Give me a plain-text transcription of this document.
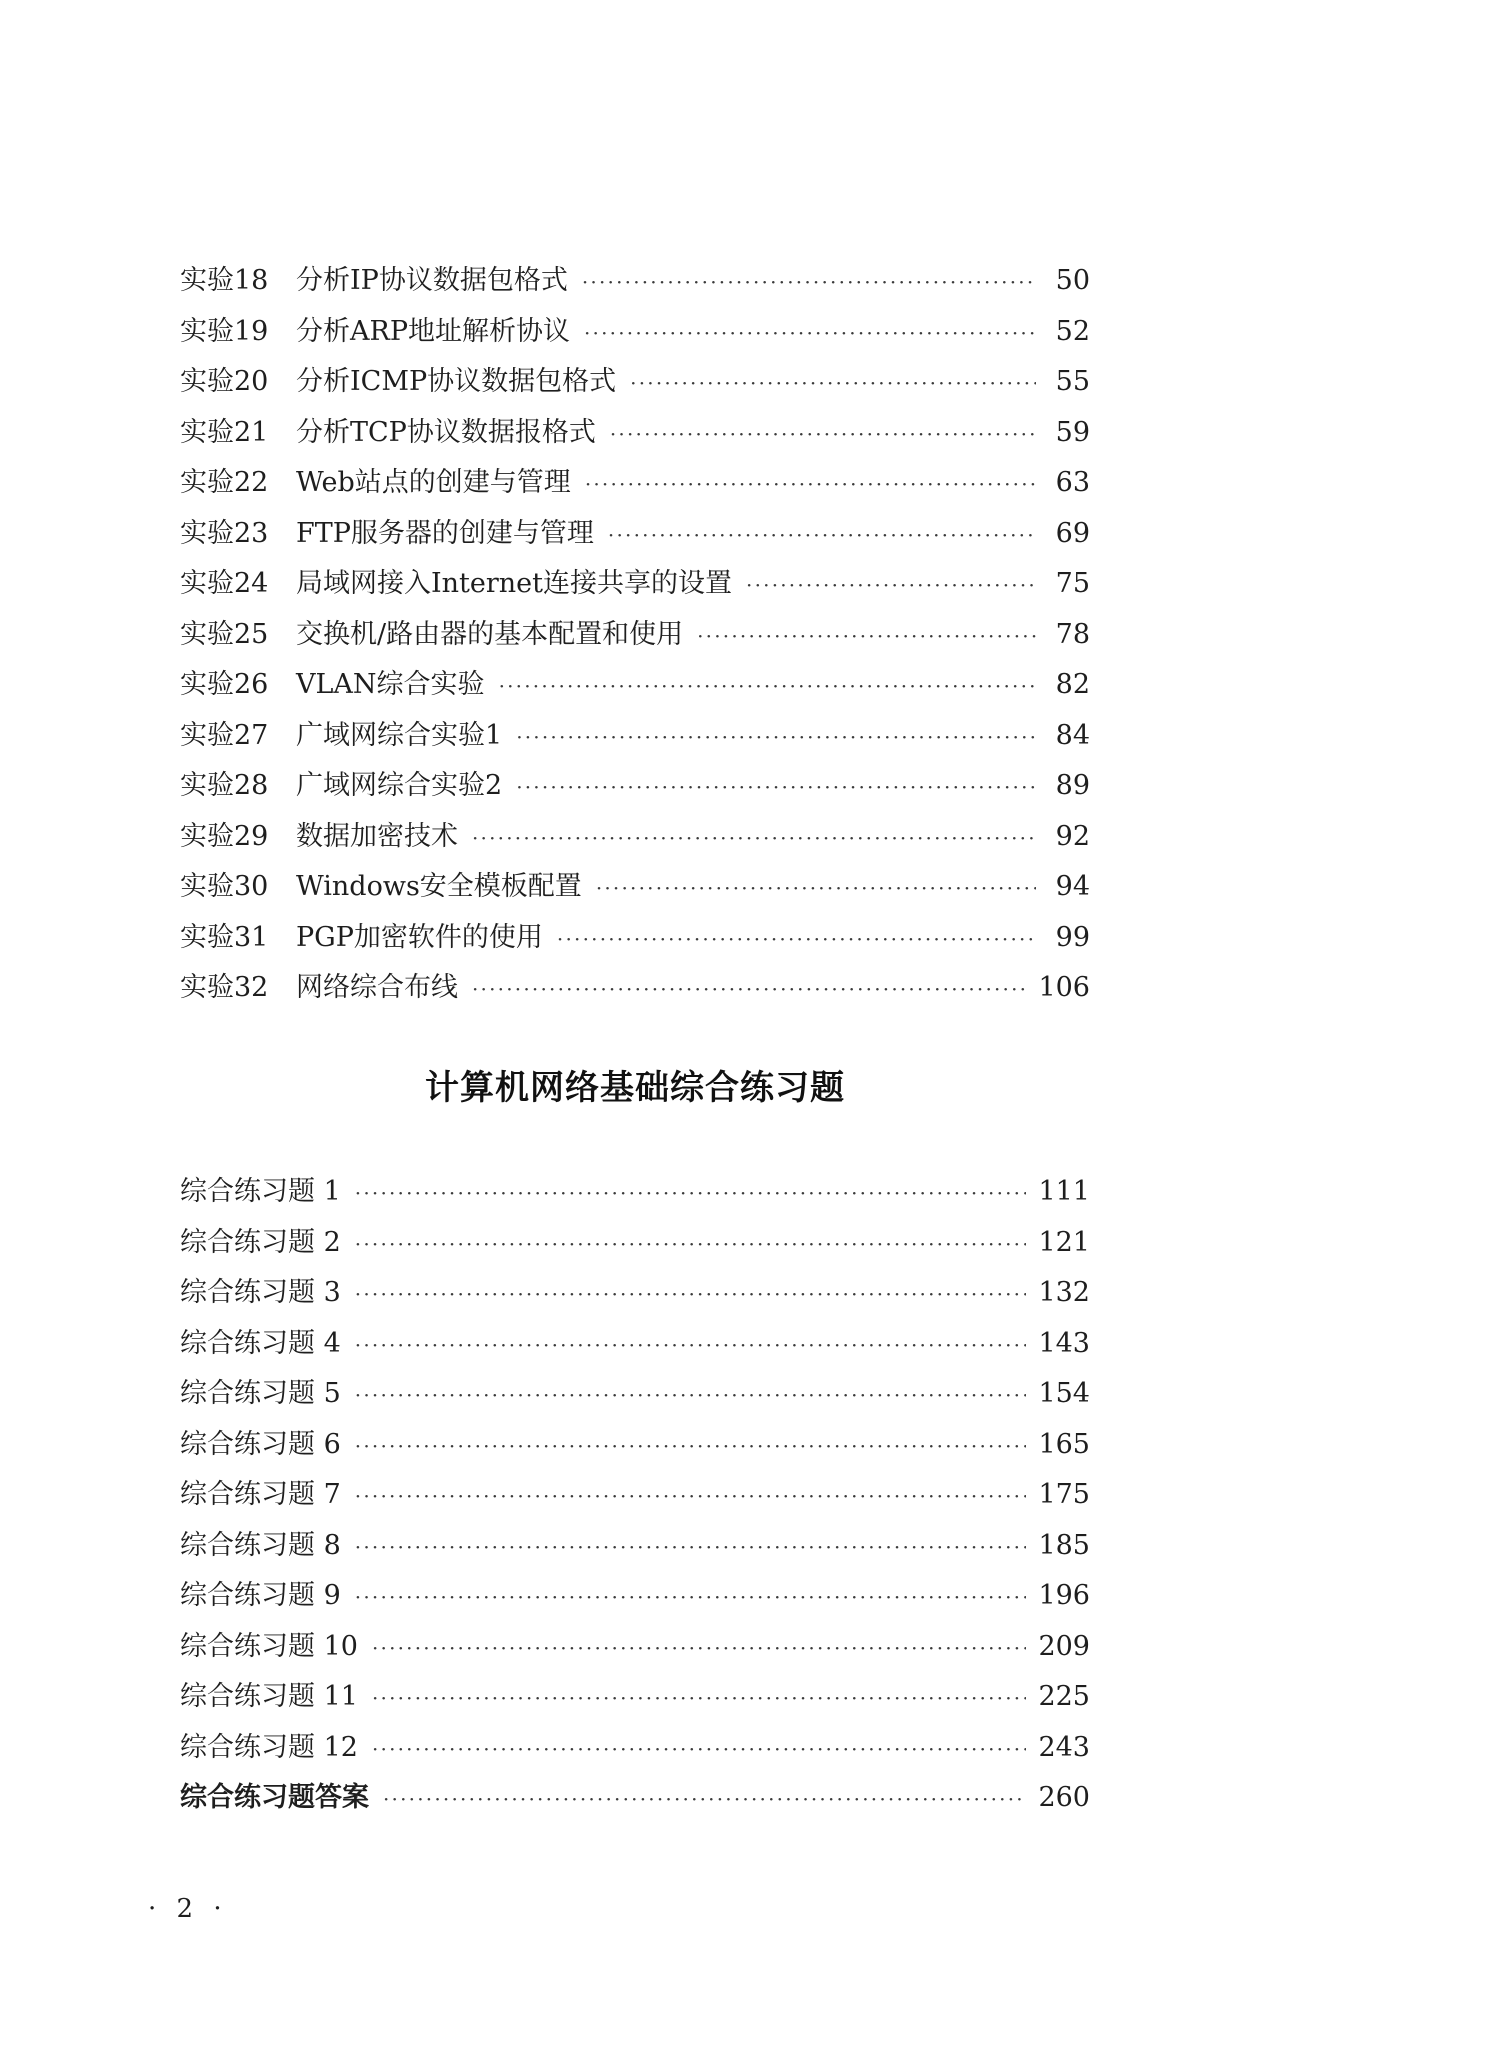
实验18	分析IP协议数据包格式 ·····	50
实验19	分析ARP地址解析协议 ·····	52
实验20	分析ICMP协议数据包格式 ·····	55
实验21	分析TCP协议数据报格式 ·····	59
实验22	Web站点的创建与管理 ·····	63
实验23	FTP服务器的创建与管理 ·····	69
实验24	局域网接入Internet连接共享的设置 ·····	75
实验25	交换机/路由器的基本配置和使用 ·····	78
实验26	VLAN综合实验 ·····	82
实验27	广域网综合实验1 ·····	84
实验28	广域网综合实验2 ·····	89
实验29	数据加密技术 ·····	92
实验30	Windows安全模板配置 ·····	94
实验31	PGP加密软件的使用 ·····	99
实验32	网络综合布线 ·····	106
计算机网络基础综合练习题
综合练习题 1 ·····	111
综合练习题 2 ·····	121
综合练习题 3 ·····	132
综合练习题 4 ·····	143
综合练习题 5 ·····	154
综合练习题 6 ·····	165
综合练习题 7 ·····	175
综合练习题 8 ·····	185
综合练习题 9 ·····	196
综合练习题 10 ·····	209
综合练习题 11 ·····	225
综合练习题 12 ·····	243
综合练习题答案 ·····	260
· 2 ·
